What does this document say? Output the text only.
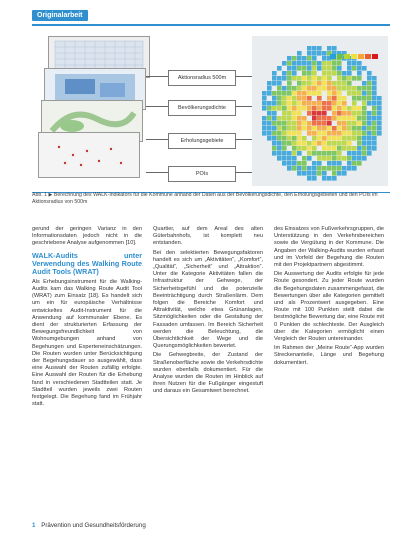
Originalarbeit
Aktionsradius 500m
Bevölkerungsdichte
Erholungsgebiete
POIs
Abb. 1 ▶ Berechnung des WALK-Indikators für die Kommune anhand der Daten aus der Bevölkerungsdichte, den Erholungsgebieten und den POIs im Aktionsradius von 500m

gerund der geringen Varianz in den Informationsdaten jedoch nicht in die geschriebene Analyse aufgenommen [10].

WALK-Audits unter Verwendung des Walking Route Audit Tools (WRAT)

Als Erhebungsinstrument für die Walking-Audits kam das Walking Route Audit Tool (WRAT) zum Einsatz [18]. Es handelt sich um ein für europäische Verhältnisse entwickeltes Audit-Instrument für die Anwendung auf kommunaler Ebene. Es dient der strukturierten Erfassung der Bewegungsfreundlichkeit von Wohnumgebungen anhand von Begehungen und Experteneinschätzungen. Die Routen wurden unter Berücksichtigung der Begehungsdauer so ausgewählt, dass eine Auswahl der Routen zufällig erfolgte. Eine Auswahl der Routen für die Erhebung fand in verschiedenen Stadtteilen statt. Je Stadtteil wurden jeweils zwei Routen festgelegt. Die Begehung fand im Frühjahr statt.

Quartier, auf dem Areal des alten Güterbahnhofs, ist komplett neu entstanden.

Bei den selektierten Bewegungsfaktoren handelt es sich um „Aktivitäten“, „Komfort“, „Qualität“, „Sicherheit“ und „Attraktion“. Unter die Kategorie Aktivitäten fallen die Infrastruktur der Gehwege, der Sicherheitsgefühl und die potenzielle Beeinträchtigung durch Straßenlärm. Dem folgen die Bereiche Komfort und Attraktivität, welche etwa Grünanlagen, Sitzmöglichkeiten oder die Gestaltung der Fassaden umfassen. Im Bereich Sicherheit werden die Beleuchtung, die Übersichtlichkeit der Wege und die Querungsmöglichkeiten bewertet.

Die Gehwegbreite, der Zustand der Straßenoberfläche sowie die Verkehrsdichte wurden ebenfalls dokumentiert. Für die Analyse wurden die Routen im Hinblick auf ihren Nutzen für die Fußgänger eingestuft und daraus ein Gesamtwert berechnet.

des Einsatzes von Fußverkehrsgruppen, die Unterstützung in den Verkehrsbereichen sowie die Vergütung in der Kommune. Die Angaben der Walking-Audits wurden erfasst und im Vorfeld der Begehung die Routen mit den Projektpartnern abgestimmt.

Die Auswertung der Audits erfolgte für jede Route gesondert. Zu jeder Route wurden die Begehungsdaten zusammengefasst, die Bewertungen über alle Kategorien gemittelt und als Prozentwert ausgegeben. Eine Route mit 100 Punkten stellt dabei die bestmögliche Bewertung dar, eine Route mit 0 Punkten die schlechteste. Der Ausgleich über die Kategorien ermöglicht einen Vergleich der Routen untereinander.

Im Rahmen der „Meine Route“-App wurden Streckenanteile, Länge und Begehung dokumentiert.

1 Prävention und Gesundheitsförderung
